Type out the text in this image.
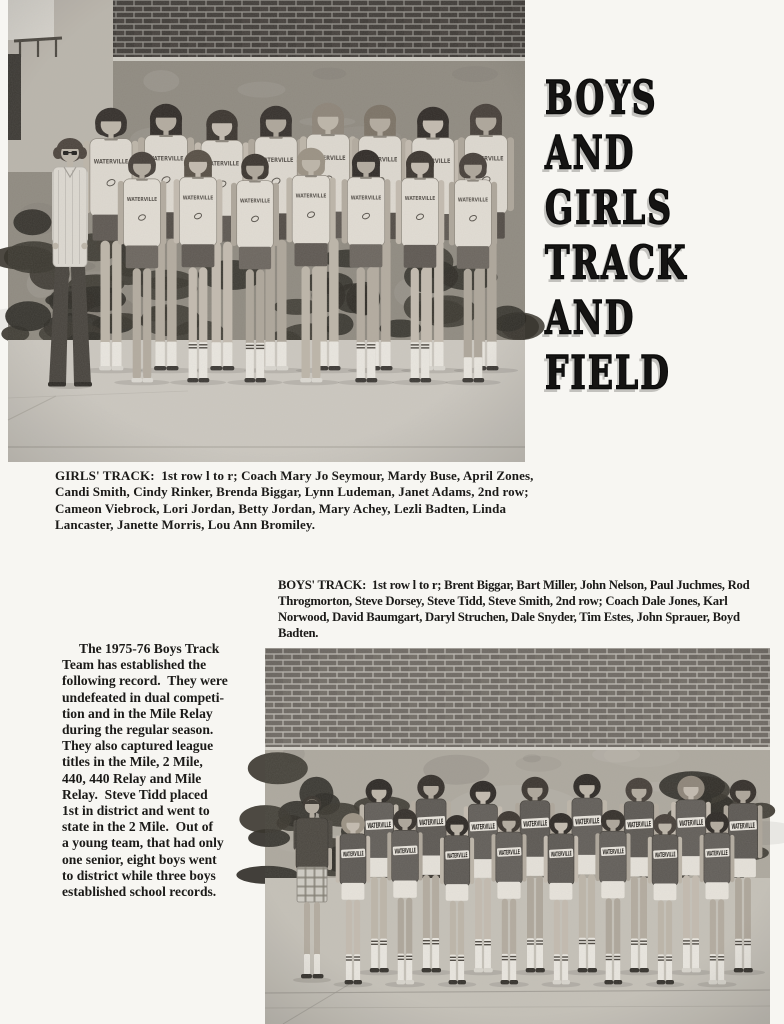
BOYS
AND
GIRLS
TRACK
AND
FIELD
GIRLS' TRACK:  1st row l to r; Coach Mary Jo Seymour, Mardy Buse, April Zones,
Candi Smith, Cindy Rinker, Brenda Biggar, Lynn Ludeman, Janet Adams, 2nd row;
Cameon Viebrock, Lori Jordan, Betty Jordan, Mary Achey, Lezli Badten, Linda
Lancaster, Janette Morris, Lou Ann Bromiley.
BOYS' TRACK:  1st row l to r; Brent Biggar, Bart Miller, John Nelson, Paul Juchmes, Rod
Throgmorton, Steve Dorsey, Steve Tidd, Steve Smith, 2nd row; Coach Dale Jones, Karl
Norwood, David Baumgart, Daryl Struchen, Dale Snyder, Tim Estes, John Sprauer, Boyd
Badten.
The 1975-76 Boys Track
Team has established the
following record.  They were
undefeated in dual competi-
tion and in the Mile Relay
during the regular season.
They also captured league
titles in the Mile, 2 Mile,
440, 440 Relay and Mile
Relay.  Steve Tidd placed
1st in district and went to
state in the 2 Mile.  Out of
a young team, that had only
one senior, eight boys went
to district while three boys
established school records.
